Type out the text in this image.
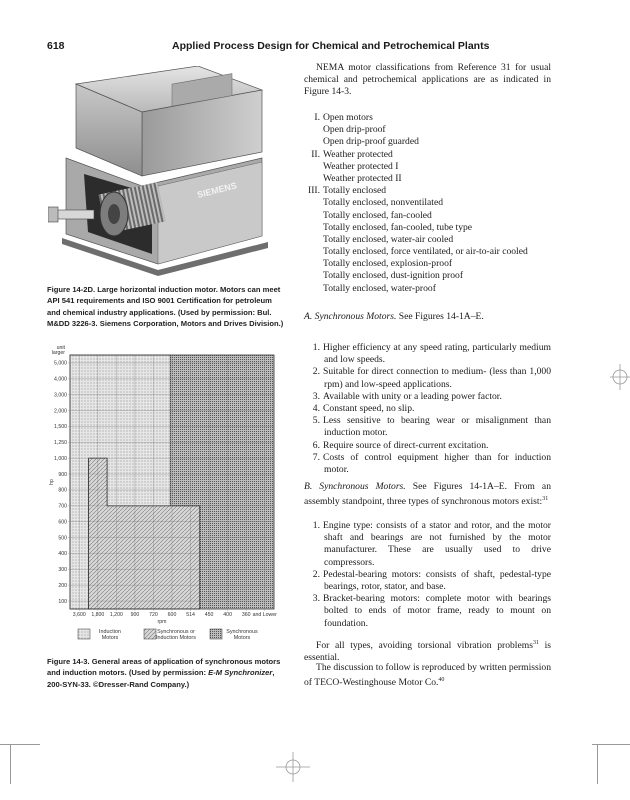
618	Applied Process Design for Chemical and Petrochemical Plants
SIEMENS
Figure 14-2D. Large horizontal induction motor. Motors can meet API 541 requirements and ISO 9001 Certification for petroleum and chemical industry applications. (Used by permission: Bul. M&DD 3226-3. Siemens Corporation, Motors and Drives Division.)
5,000
4,000
3,000
2,000
1,500
1,250
1,000
900
800
700
600
500
400
300
200
100
3,600 1,800 1,200 900 720 600 514 450 400 360 and Lower
rpm
hp
unit
larger
Induction
Motors
Synchronous or
Induction Motors
Synchronous
Motors
Figure 14-3. General areas of application of synchronous motors and induction motors. (Used by permission: E-M Synchronizer, 200-SYN-33. ©Dresser-Rand Company.)
NEMA motor classifications from Reference 31 for usual chemical and petrochemical applications are as indicated in Figure 14-3.
I. Open motors
Open drip-proof
Open drip-proof guarded
II. Weather protected
Weather protected I
Weather protected II
III. Totally enclosed
Totally enclosed, nonventilated
Totally enclosed, fan-cooled
Totally enclosed, fan-cooled, tube type
Totally enclosed, water-air cooled
Totally enclosed, force ventilated, or air-to-air cooled
Totally enclosed, explosion-proof
Totally enclosed, dust-ignition proof
Totally enclosed, water-proof
A. Synchronous Motors. See Figures 14-1A–E.
1. Higher efficiency at any speed rating, particularly medium and low speeds.
2. Suitable for direct connection to medium- (less than 1,000 rpm) and low-speed applications.
3. Available with unity or a leading power factor.
4. Constant speed, no slip.
5. Less sensitive to bearing wear or misalignment than induction motor.
6. Require source of direct-current excitation.
7. Costs of control equipment higher than for induction motor.
B. Synchronous Motors. See Figures 14-1A–E. From an assembly standpoint, three types of synchronous motors exist:$^{31}$
1. Engine type: consists of a stator and rotor, and the motor shaft and bearings are not furnished by the motor manufacturer. These are usually used to drive compressors.
2. Pedestal-bearing motors: consists of shaft, pedestal-type bearings, rotor, stator, and base.
3. Bracket-bearing motors: complete motor with bearings bolted to ends of motor frame, ready to mount on foundation.
For all types, avoiding torsional vibration problems$^{31}$ is essential.
The discussion to follow is reproduced by written permission of TECO-Westinghouse Motor Co.$^{40}$
